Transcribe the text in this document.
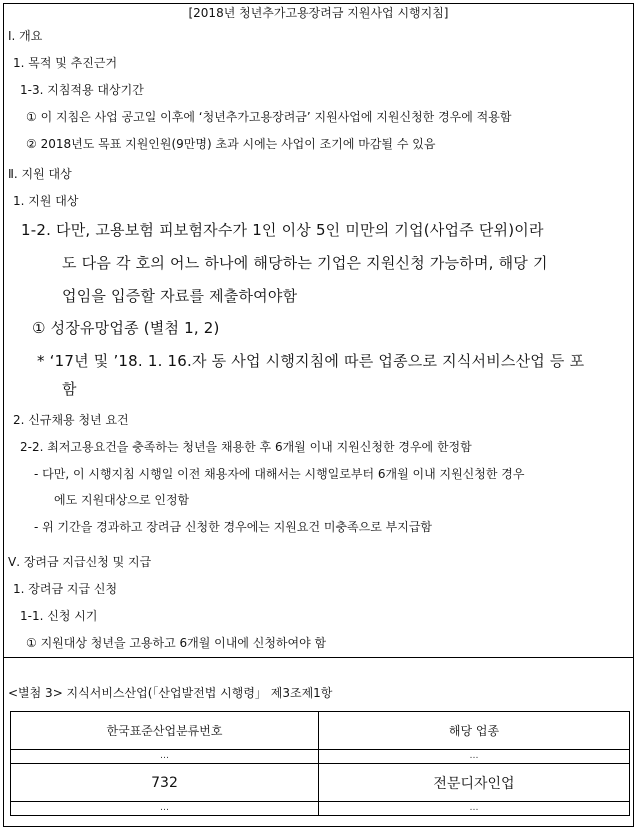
[2018년 청년추가고용장려금 지원사업 시행지침]
Ⅰ. 개요
1. 목적 및 추진근거
1-3. 지침적용 대상기간
① 이 지침은 사업 공고일 이후에 ‘청년추가고용장려금’ 지원사업에 지원신청한 경우에 적용함
② 2018년도 목표 지원인원(9만명) 초과 시에는 사업이 조기에 마감될 수 있음
Ⅱ. 지원 대상
1. 지원 대상
1-2. 다만, 고용보험 피보험자수가 1인 이상 5인 미만의 기업(사업주 단위)이라
도 다음 각 호의 어느 하나에 해당하는 기업은 지원신청 가능하며, 해당 기
업임을 입증할 자료를 제출하여야함
① 성장유망업종 (별첨 1, 2)
* ‘17년 및 ’18. 1. 16.자 동 사업 시행지침에 따른 업종으로 지식서비스산업 등 포
함
2. 신규채용 청년 요건
2-2. 최저고용요건을 충족하는 청년을 채용한 후 6개월 이내 지원신청한 경우에 한정함
- 다만, 이 시행지침 시행일 이전 채용자에 대해서는 시행일로부터 6개월 이내 지원신청한 경우
에도 지원대상으로 인정함
- 위 기간을 경과하고 장려금 신청한 경우에는 지원요건 미충족으로 부지급함
Ⅴ. 장려금 지급신청 및 지급
1. 장려금 지급 신청
1-1. 신청 시기
① 지원대상 청년을 고용하고 6개월 이내에 신청하여야 함
<별첨 3> 지식서비스산업(「산업발전법 시행령」 제3조제1항
한국표준산업분류번호	해당 업종
…	…
732	전문디자인업
…	…
